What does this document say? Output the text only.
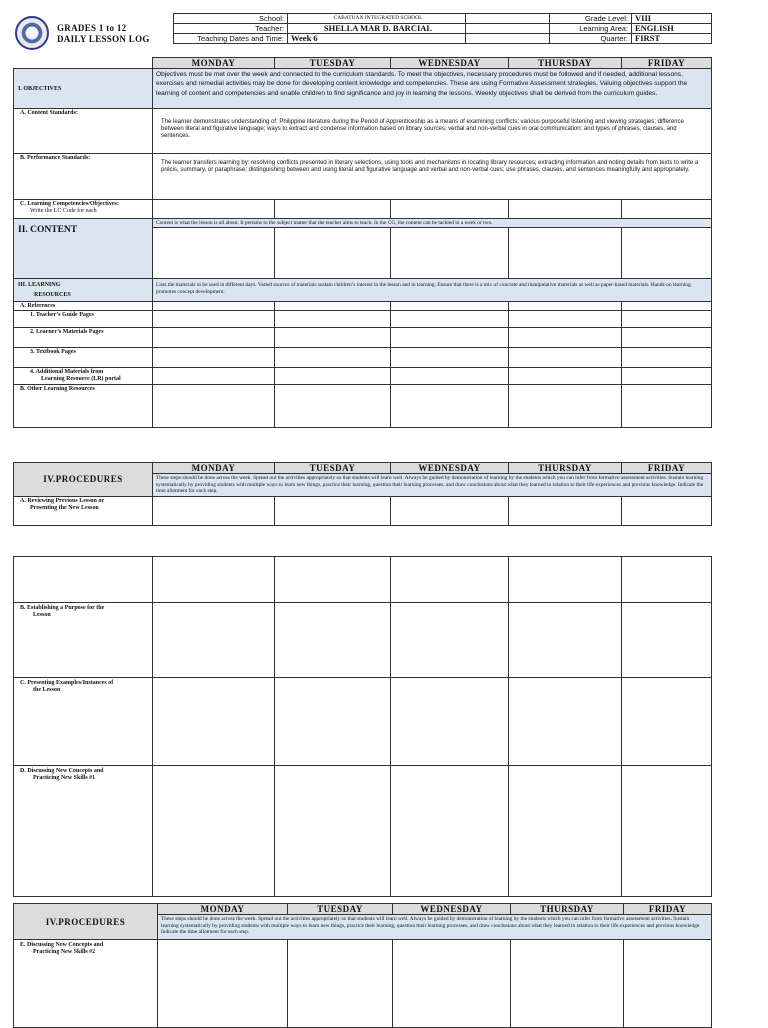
GRADES 1 to 12
DAILY LESSON LOG
School:	CABATUAN INTEGRATED SCHOOL		Grade Level:	VIII
Teacher:	SHELLA MAR D. BARCIAL		Learning Area:	ENGLISH
Teaching Dates and Time:	Week 6		Quarter:	FIRST
	MONDAY	TUESDAY	WEDNESDAY	THURSDAY	FRIDAY
I. OBJECTIVES	Objectives must be met over the week and connected to the curriculum standards. To meet the objectives, necessary procedures must be followed and if needed, additional lessons, exercises and remedial activities may be done for developing content knowledge and competencies. These are using Formative Assessment strategies. Valuing objectives support the learning of content and competencies and enable children to find significance and joy in learning the lessons. Weekly objectives shall be derived from the curriculum guides.				
A. Content Standards:	The learner demonstrates understanding of: Philippine literature during the Period of Apprenticeship as a means of examining conflicts; various purposeful listening and viewing strategies; difference between literal and figurative language; ways to extract and condense information based on library sources; verbal and non-verbal cues in oral communication; and types of phrases, clauses, and sentences.				
B. Performance Standards:	The learner transfers learning by: resolving conflicts presented in literary selections; using tools and mechanisms in locating library resources; extracting information and noting details from texts to write a précis, summary, or paraphrase; distinguishing between and using literal and figurative language and verbal and non-verbal cues; use phrases, clauses, and sentences meaningfully and appropriately.				

C. Learning Competencies/Objectives:
Write the LC Code for each					

II. CONTENT	Content is what the lesson is all about. It pertains to the subject matter that the teacher aims to teach. In the CG, the content can be tackled in a week or two.				

III. LEARNING
RESOURCES	Lists the materials to be used in different days. Varied sources of materials sustain children’s interest in the lesson and in learning. Ensure that there is a mix of concrete and manipulative materials as well as paper-based materials. Hands-on learning promotes concept development.				
A. References					
1. Teacher’s Guide Pages					
2. Learner’s Materials Pages					
3. Textbook Pages					

4. Additional Materials from
Learning Resource (LR) portal					

B. Other Learning Resources					
IV.PROCEDURES	MONDAY	TUESDAY	WEDNESDAY	THURSDAY	FRIDAY
	These steps should be done across the week. Spread out the activities appropriately so that students will learn well. Always be guided by demonstration of learning by the students which you can infer from formative assessment activities. Sustain learning systematically by providing students with multiple ways to learn new things, practice their learning, question their learning processes, and draw conclusions about what they learned in relation to their life experiences and previous knowledge. Indicate the time allotment for each step.				

A. Reviewing Previous Lesson or
Presenting the New Lesson					

B. Establishing a Purpose for the
Lesson					

C. Presenting Examples/Instances of
the Lesson					

D. Discussing New Concepts and
Practicing New Skills #1					

IV.PROCEDURES	MONDAY	TUESDAY	WEDNESDAY	THURSDAY	FRIDAY
	These steps should be done across the week. Spread out the activities appropriately so that students will learn well. Always be guided by demonstration of learning by the students which you can infer from formative assessment activities. Sustain learning systematically by providing students with multiple ways to learn new things, practice their learning, question their learning processes, and draw conclusions about what they learned in relation to their life experiences and previous knowledge. Indicate the time allotment for each step.				

E. Discussing New Concepts and
Practicing New Skills #2					
